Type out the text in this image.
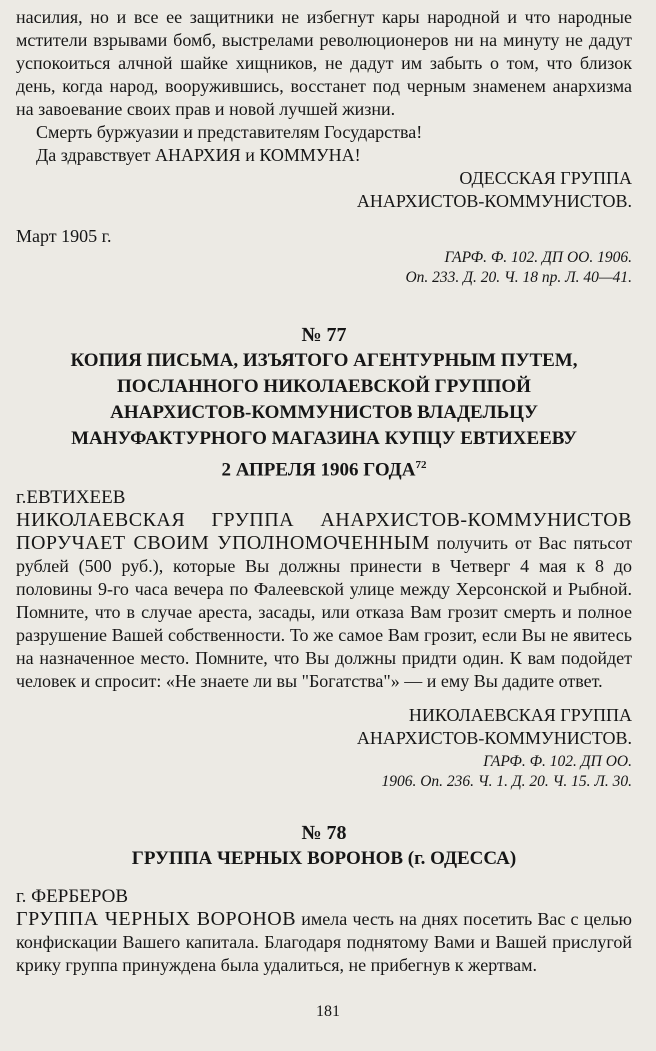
насилия, но и все ее защитники не избегнут кары народной и что народные мстители взрывами бомб, выстрелами революционеров ни на минуту не дадут успокоиться алчной шайке хищников, не дадут им забыть о том, что близок день, когда народ, вооружившись, восстанет под черным знаменем анархизма на завоевание своих прав и новой лучшей жизни.

Смерть буржуазии и представителям Государства!

Да здравствует АНАРХИЯ и КОММУНА!

ОДЕССКАЯ ГРУППА

АНАРХИСТОВ-КОММУНИСТОВ.

Март 1905 г.

ГАРФ. Ф. 102. ДП ОО. 1906.

Оп. 233. Д. 20. Ч. 18 пр. Л. 40—41.

№ 77

КОПИЯ ПИСЬМА, ИЗЪЯТОГО АГЕНТУРНЫМ ПУТЕМ,

ПОСЛАННОГО НИКОЛАЕВСКОЙ ГРУППОЙ

АНАРХИСТОВ-КОММУНИСТОВ ВЛАДЕЛЬЦУ

МАНУФАКТУРНОГО МАГАЗИНА КУПЦУ ЕВТИХЕЕВУ

2 АПРЕЛЯ 1906 ГОДА$^{72}$

г.ЕВТИХЕЕВ

НИКОЛАЕВСКАЯ ГРУППА АНАРХИСТОВ-КОММУНИСТОВ ПОРУЧАЕТ СВОИМ УПОЛНОМОЧЕННЫМ получить от Вас пятьсот рублей (500 руб.), которые Вы должны принести в Четверг 4 мая к 8 до половины 9-го часа вечера по Фалеевской улице между Херсонской и Рыбной. Помните, что в случае ареста, засады, или отказа Вам грозит смерть и полное разрушение Вашей собственности. То же самое Вам грозит, если Вы не явитесь на назначенное место. Помните, что Вы должны придти один. К вам подойдет человек и спросит: «Не знаете ли вы "Богатства"» — и ему Вы дадите ответ.

НИКОЛАЕВСКАЯ ГРУППА

АНАРХИСТОВ-КОММУНИСТОВ.

ГАРФ. Ф. 102. ДП ОО.

1906. Оп. 236. Ч. 1. Д. 20. Ч. 15. Л. 30.

№ 78

ГРУППА ЧЕРНЫХ ВОРОНОВ (г. ОДЕССА)

г. ФЕРБЕРОВ

ГРУППА ЧЕРНЫХ ВОРОНОВ имела честь на днях посетить Вас с целью конфискации Вашего капитала. Благодаря поднятому Вами и Вашей прислугой крику группа принуждена была удалиться, не прибегнув к жертвам.

181
